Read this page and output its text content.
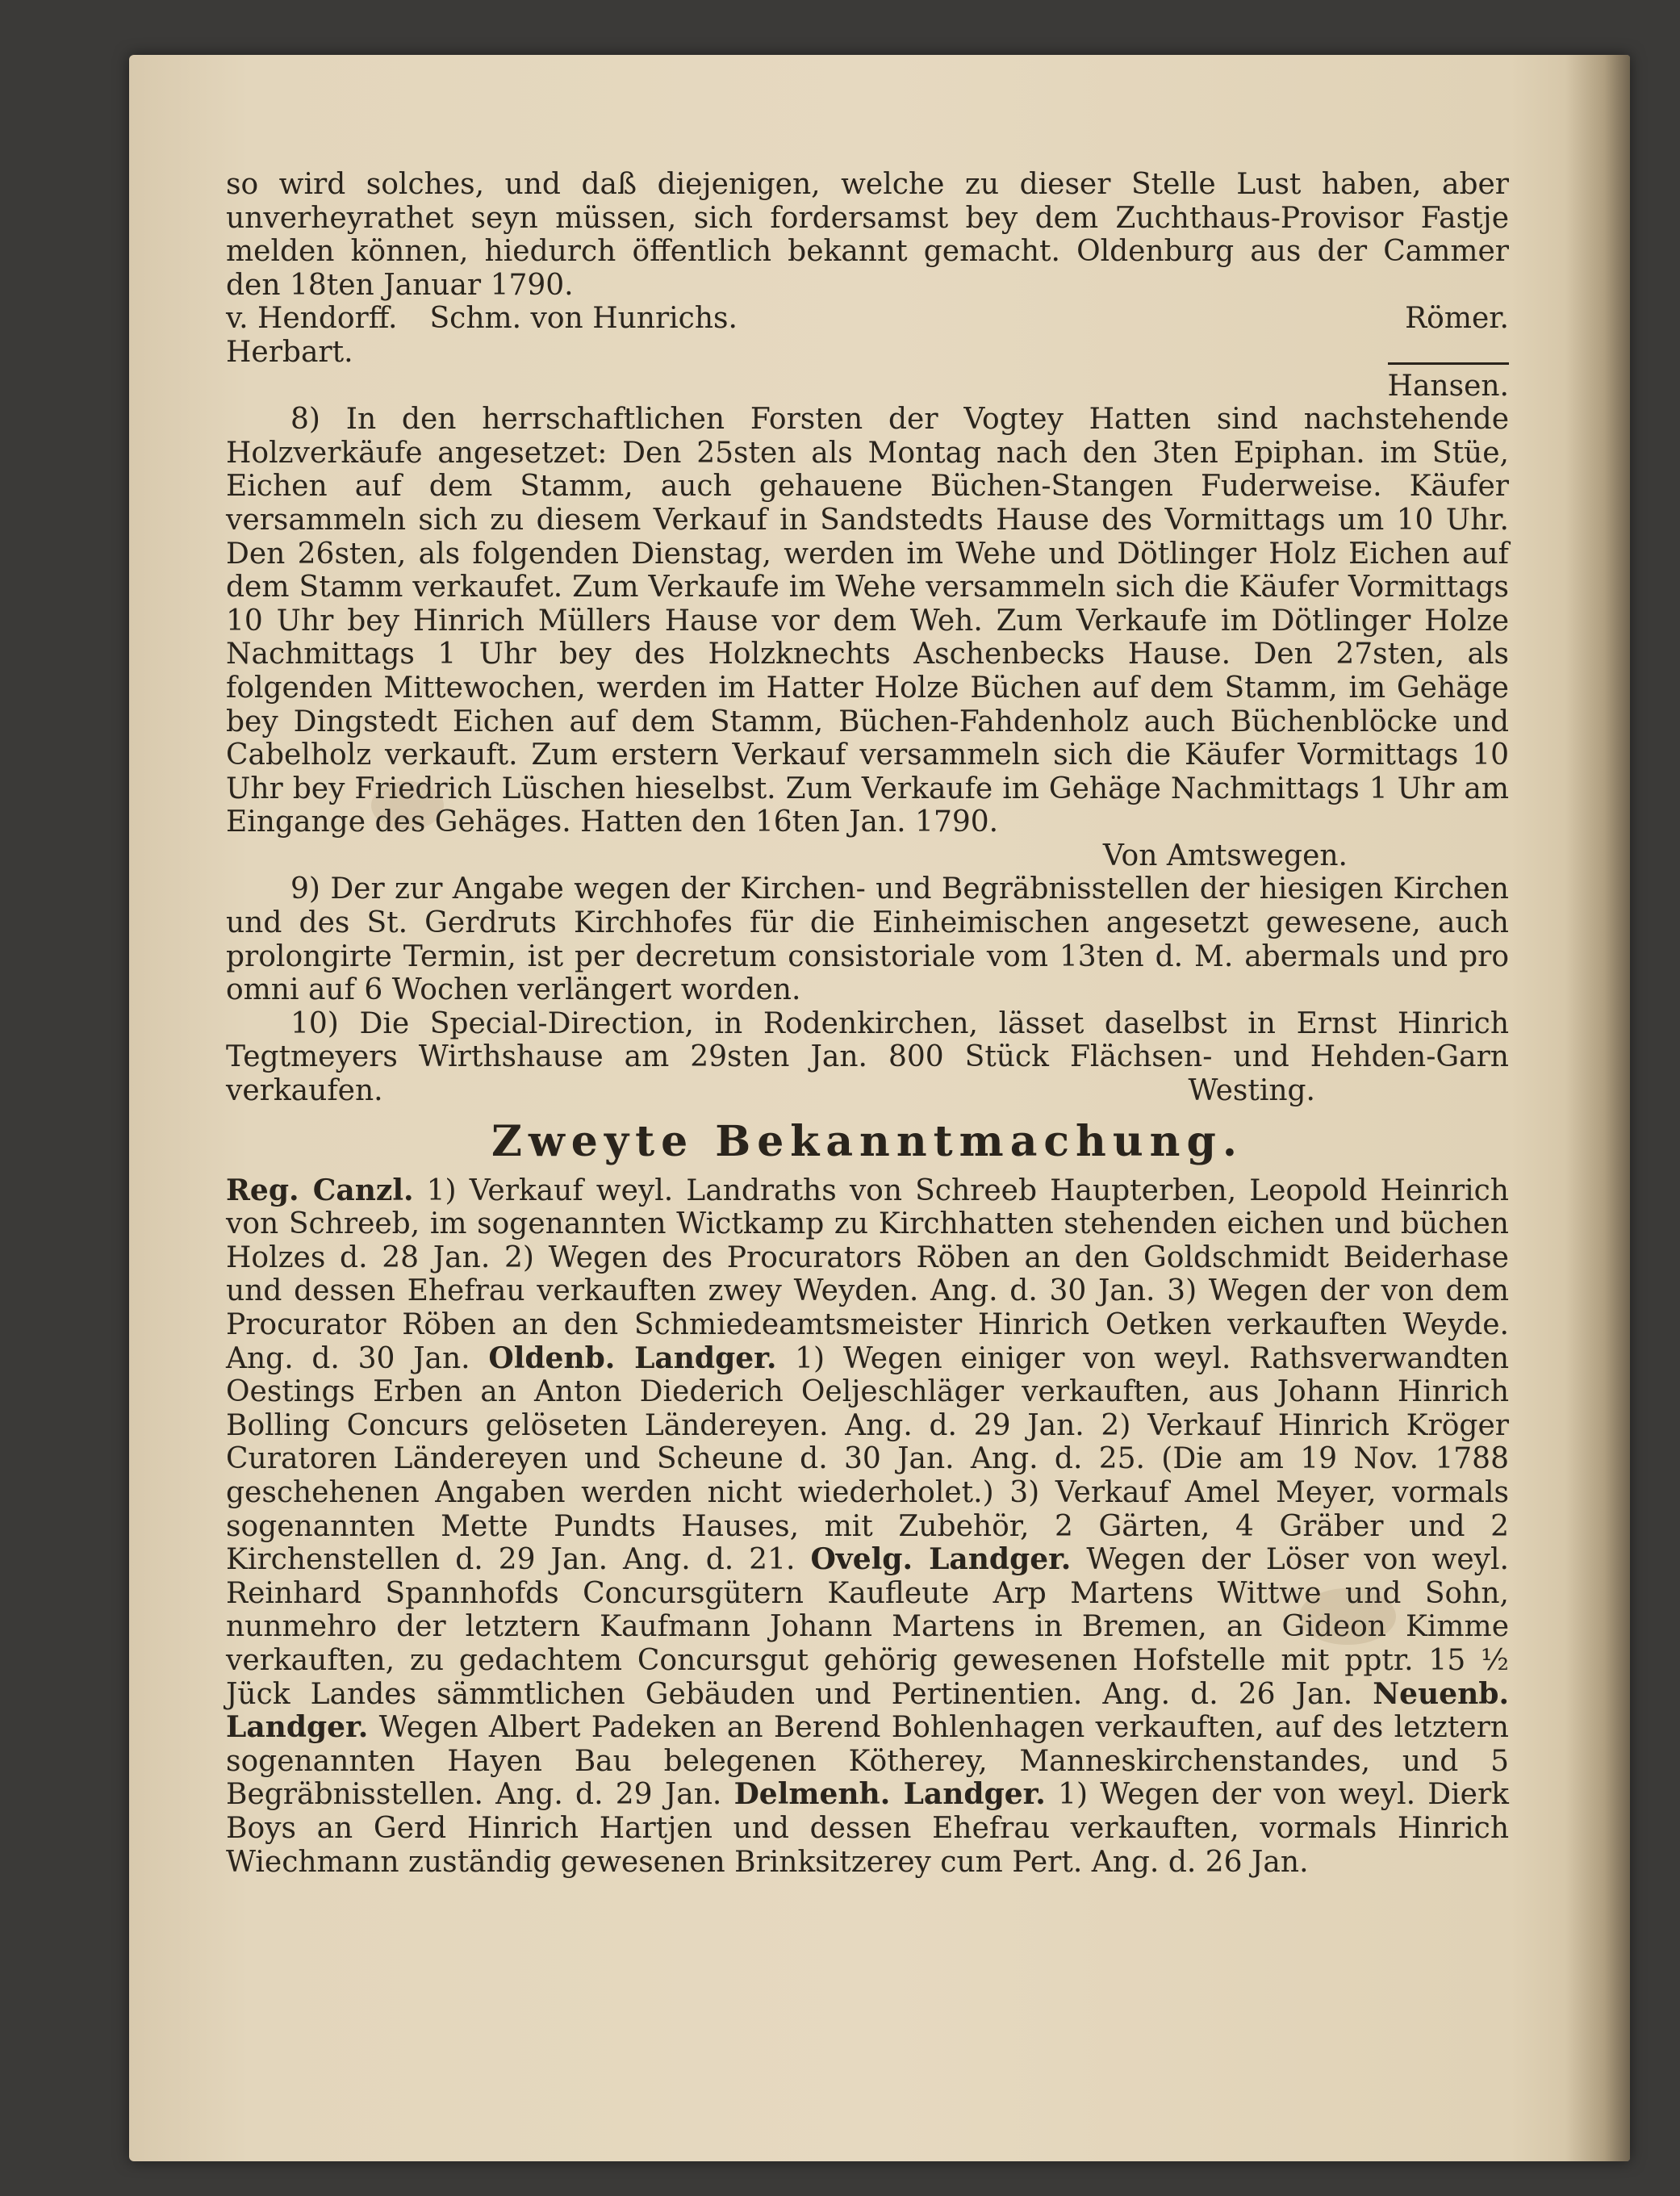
so wird solches, und daß diejenigen, welche zu dieser Stelle Lust haben, aber unverheyrathet seyn müssen, sich fordersamst bey dem Zuchthaus-Provisor Fastje melden können, hiedurch öffentlich bekannt gemacht. Oldenburg aus der Cammer den 18ten Januar 1790.

v. Hendorff. Schm. von Hunrichs.	Römer.
Herbart.

Hansen.

8) In den herrschaftlichen Forsten der Vogtey Hatten sind nachstehende Holzverkäufe angesetzet: Den 25sten als Montag nach den 3ten Epiphan. im Stüe, Eichen auf dem Stamm, auch gehauene Büchen-Stangen Fuderweise. Käufer versammeln sich zu diesem Verkauf in Sandstedts Hause des Vormittags um 10 Uhr. Den 26sten, als folgenden Dienstag, werden im Wehe und Dötlinger Holz Eichen auf dem Stamm verkaufet. Zum Verkaufe im Wehe versammeln sich die Käufer Vormittags 10 Uhr bey Hinrich Müllers Hause vor dem Weh. Zum Verkaufe im Dötlinger Holze Nachmittags 1 Uhr bey des Holzknechts Aschenbecks Hause. Den 27sten, als folgenden Mittewochen, werden im Hatter Holze Büchen auf dem Stamm, im Gehäge bey Dingstedt Eichen auf dem Stamm, Büchen-Fahdenholz auch Büchenblöcke und Cabelholz verkauft. Zum erstern Verkauf versammeln sich die Käufer Vormittags 10 Uhr bey Friedrich Lüschen hieselbst. Zum Verkaufe im Gehäge Nachmittags 1 Uhr am Eingange des Gehäges. Hatten den 16ten Jan. 1790.

Von Amtswegen.

9) Der zur Angabe wegen der Kirchen- und Begräbnisstellen der hiesigen Kirchen und des St. Gerdruts Kirchhofes für die Einheimischen angesetzt gewesene, auch prolongirte Termin, ist per decretum consistoriale vom 13ten d. M. abermals und pro omni auf 6 Wochen verlängert worden.

10) Die Special-Direction, in Rodenkirchen, lässet daselbst in Ernst Hinrich Tegtmeyers Wirthshause am 29sten Jan. 800 Stück Flächsen- und Hehden-Garn verkaufen.	Westing.

Zweyte Bekanntmachung.

Reg. Canzl. 1) Verkauf weyl. Landraths von Schreeb Haupterben, Leopold Heinrich von Schreeb, im sogenannten Wictkamp zu Kirchhatten stehenden eichen und büchen Holzes d. 28 Jan. 2) Wegen des Procurators Röben an den Goldschmidt Beiderhase und dessen Ehefrau verkauften zwey Weyden. Ang. d. 30 Jan. 3) Wegen der von dem Procurator Röben an den Schmiedeamtsmeister Hinrich Oetken verkauften Weyde. Ang. d. 30 Jan. Oldenb. Landger. 1) Wegen einiger von weyl. Rathsverwandten Oestings Erben an Anton Diederich Oeljeschläger verkauften, aus Johann Hinrich Bolling Concurs gelöseten Ländereyen. Ang. d. 29 Jan. 2) Verkauf Hinrich Kröger Curatoren Ländereyen und Scheune d. 30 Jan. Ang. d. 25. (Die am 19 Nov. 1788 geschehenen Angaben werden nicht wiederholet.) 3) Verkauf Amel Meyer, vormals sogenannten Mette Pundts Hauses, mit Zubehör, 2 Gärten, 4 Gräber und 2 Kirchenstellen d. 29 Jan. Ang. d. 21. Ovelg. Landger. Wegen der Löser von weyl. Reinhard Spannhofds Concursgütern Kaufleute Arp Martens Wittwe und Sohn, nunmehro der letztern Kaufmann Johann Martens in Bremen, an Gideon Kimme verkauften, zu gedachtem Concursgut gehörig gewesenen Hofstelle mit pptr. 15 ½ Jück Landes sämmtlichen Gebäuden und Pertinentien. Ang. d. 26 Jan. Neuenb. Landger. Wegen Albert Padeken an Berend Bohlenhagen verkauften, auf des letztern sogenannten Hayen Bau belegenen Kötherey, Manneskirchenstandes, und 5 Begräbnisstellen. Ang. d. 29 Jan. Delmenh. Landger. 1) Wegen der von weyl. Dierk Boys an Gerd Hinrich Hartjen und dessen Ehefrau verkauften, vormals Hinrich Wiechmann zuständig gewesenen Brinksitzerey cum Pert. Ang. d. 26 Jan.
